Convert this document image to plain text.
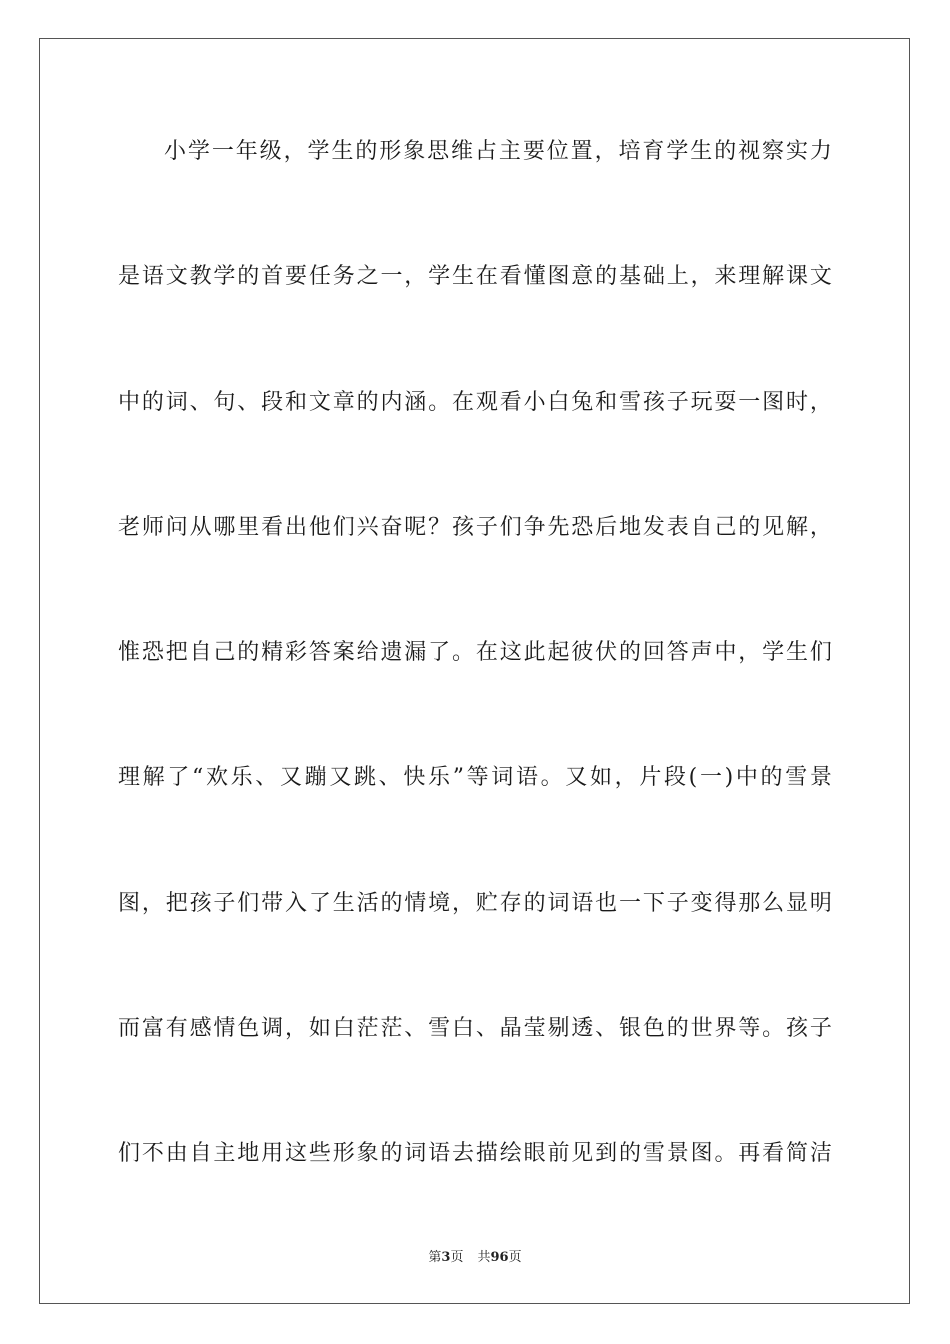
小学一年级，学生的形象思维占主要位置，培育学生的视察实力
是语文教学的首要任务之一，学生在看懂图意的基础上，来理解课文
中的词、句、段和文章的内涵。在观看小白兔和雪孩子玩耍一图时，
老师问从哪里看出他们兴奋呢？孩子们争先恐后地发表自己的见解，
惟恐把自己的精彩答案给遗漏了。在这此起彼伏的回答声中，学生们
理解了“欢乐、又蹦又跳、快乐”等词语。又如，片段(一)中的雪景
图，把孩子们带入了生活的情境，贮存的词语也一下子变得那么显明
而富有感情色调，如白茫茫、雪白、晶莹剔透、银色的世界等。孩子
们不由自主地用这些形象的词语去描绘眼前见到的雪景图。再看简洁
第3页 共96页
